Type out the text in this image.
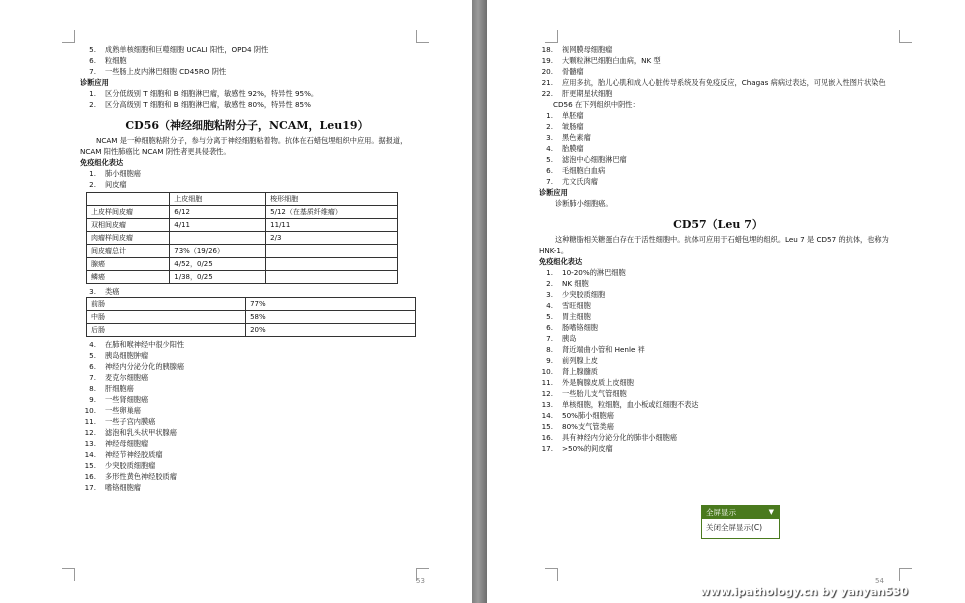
5. 成熟单核细胞和巨噬细胞 UCALI 阳性，OPD4 阴性
6. 粒细胞
7. 一些肠上皮内淋巴细胞 CD45RO 阴性
诊断应用
1. 区分低级别 T 细胞和 B 细胞淋巴瘤，敏感性 92%，特异性 95%。
2. 区分高级别 T 细胞和 B 细胞淋巴瘤，敏感性 80%，特异性 85%
CD56（神经细胞粘附分子，NCAM，Leu19）
NCAM 是一种细胞粘附分子，参与分离于神经细胞粘着物。抗体在石蜡包埋组织中应用。据报道，NCAM 阳性肺癌比 NCAM 阴性者更具侵袭性。
免疫组化表达
1. 肺小细胞癌
2. 间皮瘤
	上皮细胞	梭形细胞
上皮样间皮瘤	6/12	5/12（在基质纤维瘤）
双相间皮瘤	4/11	11/11
肉瘤样间皮瘤		2/3
间皮瘤总计	73%（19/26）	
腺癌	4/52，0/25	
鳞癌	1/38，0/25	
3. 类癌
前肠	77%
中肠	58%
后肠	20%
4. 在肺和喉神经中很少阳性
5. 胰岛细胞肿瘤
6. 神经内分泌分化的胰腺癌
7. 麦克尔细胞癌
8. 肝细胞癌
9. 一些肾细胞癌
10. 一些卵巢癌
11. 一些子宫内膜癌
12. 滤泡和乳头状甲状腺癌
13. 神经母细胞瘤
14. 神经节神经胶质瘤
15. 少突胶质细胞瘤
16. 多形性黄色神经胶质瘤
17. 嗜铬细胞瘤
53
18. 视网膜母细胞瘤
19. 大颗粒淋巴细胞白血病，NK 型
20. 骨髓瘤
21. 应用多抗，胎儿心肌和成人心脏传导系统及有免疫反应，Chagas 病病过表达，可见嵌入性图片状染色
22. 肝更期星状细胞
CD56 在下列组织中阴性：
1. 单胚瘤
2. 皱肠瘤
3. 黑色素瘤
4. 胎膜瘤
5. 滤泡中心细胞淋巴瘤
6. 毛细胞白血病
7. 尤文氏肉瘤
诊断应用
诊断肺小细胞癌。
CD57（Leu 7）
这种糖脂相关糖蛋白存在于活性细胞中。抗体可应用于石蜡包埋的组织。Leu 7 是 CD57 的抗体，也称为 HNK-1。
免疫组化表达
1. 10-20%的淋巴细胞
2. NK 细胞
3. 少突胶质细胞
4. 雪旺细胞
5. 胃主细胞
6. 肠嗜铬细胞
7. 胰岛
8. 肾近端曲小管和 Henle 袢
9. 前列腺上皮
10. 肾上腺髓质
11. 外是胸腺皮质上皮细胞
12. 一些胎儿支气管细胞
13. 单核细胞，粒细胞，血小板或红细胞不表达
14. 50%肺小细胞癌
15. 80%支气管类癌
16. 具有神经内分泌分化的肺非小细胞癌
17. >50%的间皮瘤
54
全屏显示	▼
关闭全屏显示(C)
www.ipathology.cn by yanyan530
